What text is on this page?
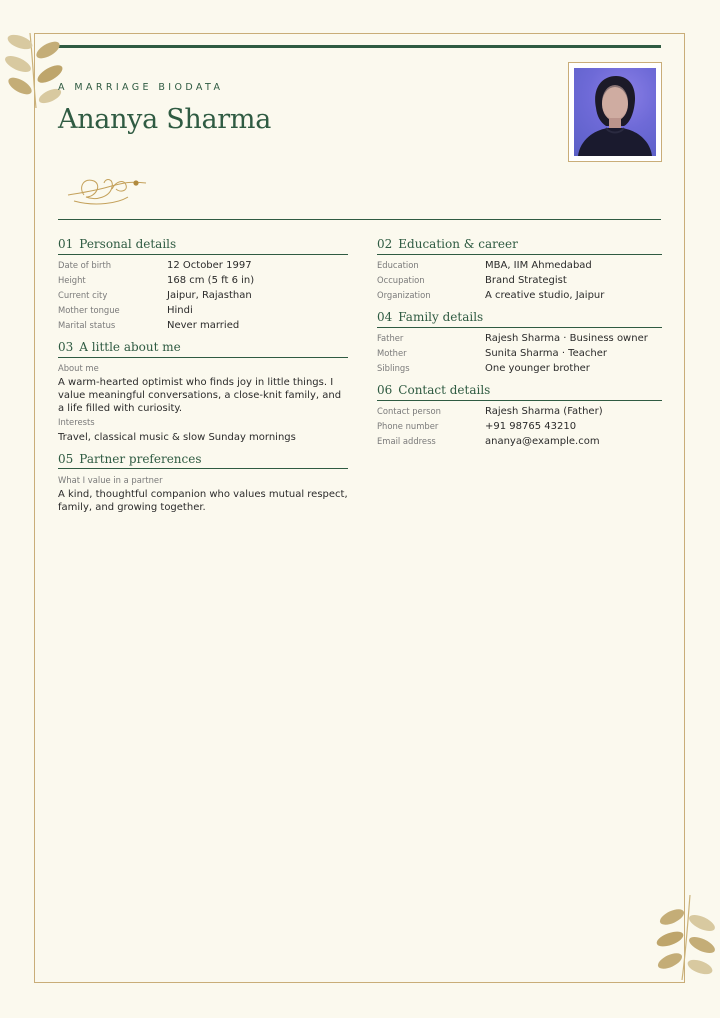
A MARRIAGE BIODATA
Ananya Sharma
01 Personal details
Date of birth	12 October 1997
Height	168 cm (5 ft 6 in)
Current city	Jaipur, Rajasthan
Mother tongue	Hindi
Marital status	Never married
03 A little about me
About me
A warm-hearted optimist who finds joy in little things. I value meaningful conversations, a close-knit family, and a life filled with curiosity.
Interests
Travel, classical music & slow Sunday mornings
05 Partner preferences
What I value in a partner
A kind, thoughtful companion who values mutual respect, family, and growing together.
02 Education & career
Education	MBA, IIM Ahmedabad
Occupation	Brand Strategist
Organization	A creative studio, Jaipur
04 Family details
Father	Rajesh Sharma · Business owner
Mother	Sunita Sharma · Teacher
Siblings	One younger brother
06 Contact details
Contact person	Rajesh Sharma (Father)
Phone number	+91 98765 43210
Email address	ananya@example.com
